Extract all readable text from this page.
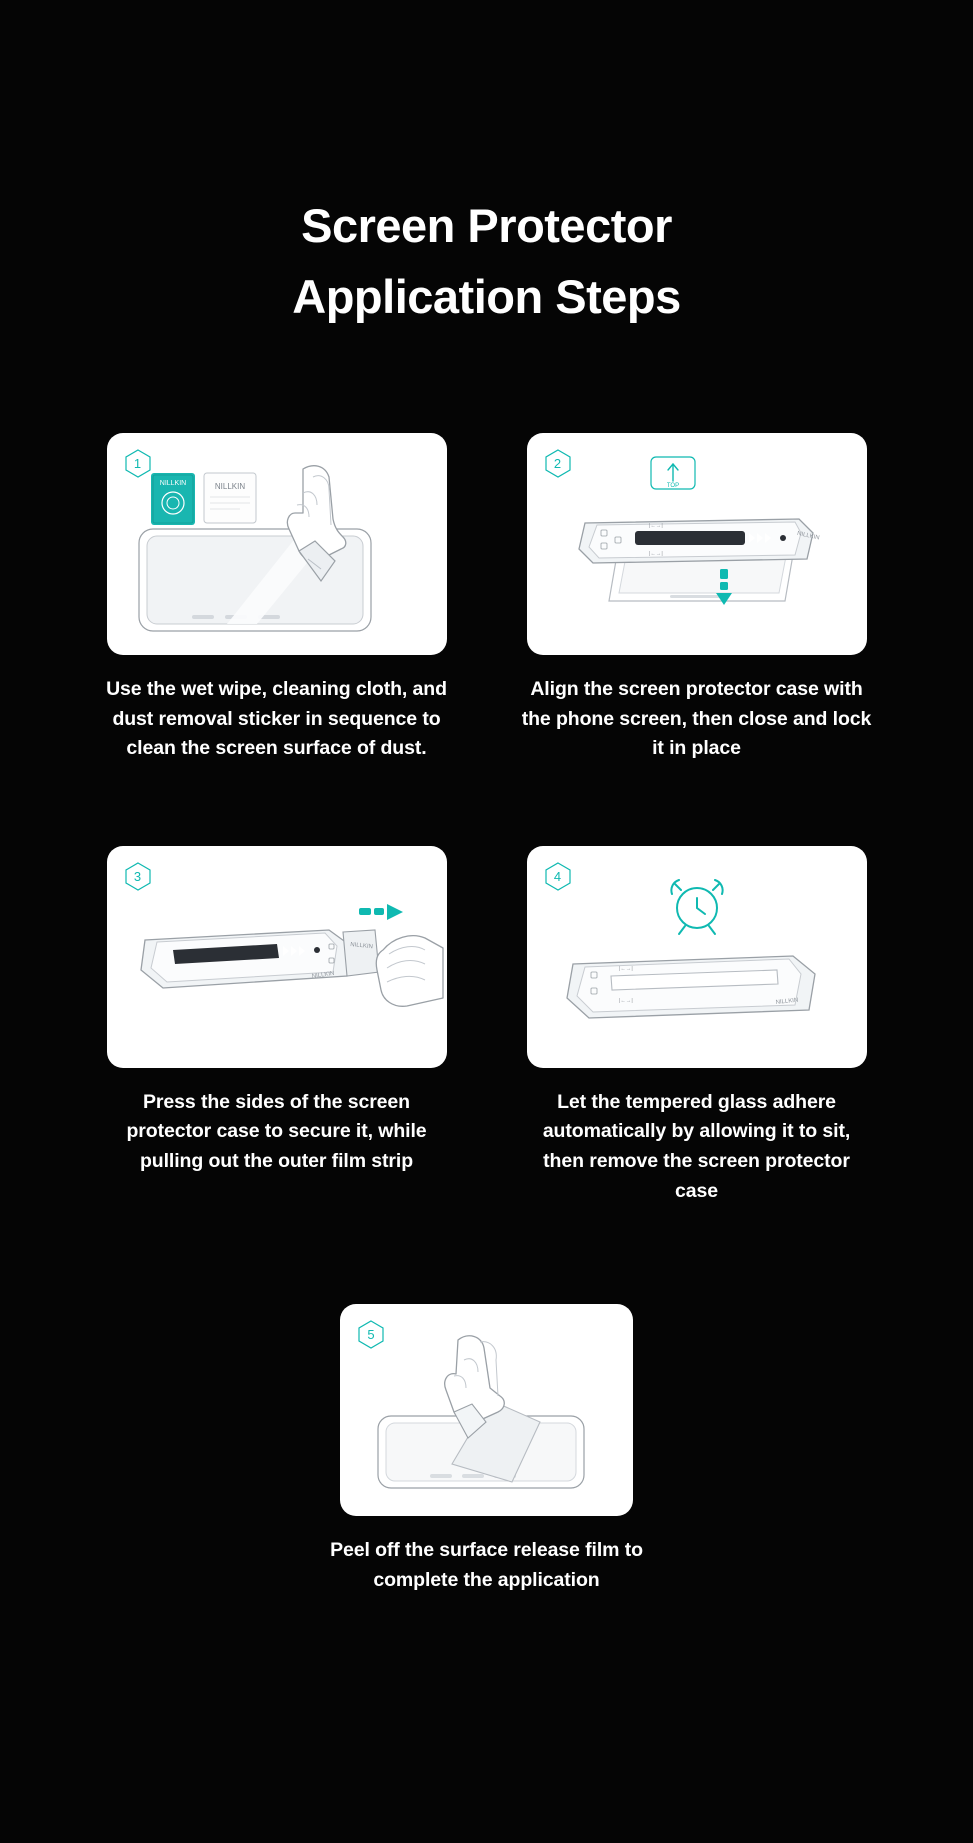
Screen Protector
Application Steps
1
NILLKIN	NILLKIN
Use the wet wipe, cleaning cloth, and dust removal sticker in sequence to clean the screen surface of dust.
2
TOP
|←→|
|←→|
NILLKIN
Align the screen protector case with the phone screen, then close and lock it in place
3
NILLKIN
NILLKIN
Press the sides of the screen protector case to secure it, while pulling out the outer film strip
4
|←→|
|←→|	NILLKIN
Let the tempered glass adhere automatically by allowing it to sit, then remove the screen protector case
5
Peel off the surface release film to complete the application
